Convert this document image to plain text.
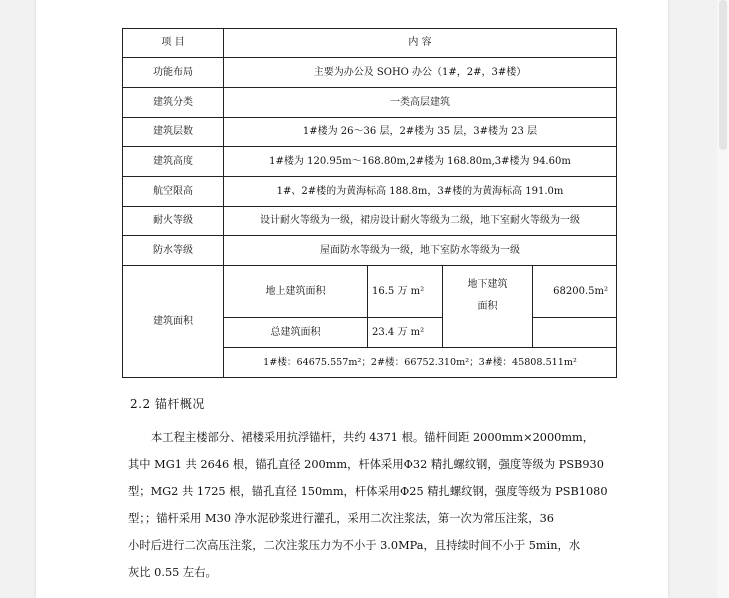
项 目	内 容			
功能布局	主要为办公及 SOHO 办公（1#，2#，3#楼）			
建筑分类	一类高层建筑			
建筑层数	1#楼为 26～36 层，2#楼为 35 层，3#楼为 23 层			
建筑高度	1#楼为 120.95m～168.80m,2#楼为 168.80m,3#楼为 94.60m			
航空限高	1#、2#楼的为黄海标高 188.8m，3#楼的为黄海标高 191.0m			
耐火等级	设计耐火等级为一级，裙房设计耐火等级为二级，地下室耐火等级为一级			
防水等级	屋面防水等级为一级，地下室防水等级为一级			
建筑面积	地上建筑面积	16.5 万 m²	地下建筑面积	68200.5m²
	总建筑面积	23.4 万 m²		
	1#楼：64675.557m²；2#楼：66752.310m²；3#楼：45808.511m²			
2.2 锚杆概况
本工程主楼部分、裙楼采用抗浮锚杆，共约 4371 根。锚杆间距 2000mm×2000mm，
其中 MG1 共 2646 根，锚孔直径 200mm，杆体采用Φ32 精扎螺纹钢，强度等级为 PSB930
型；MG2 共 1725 根，锚孔直径 150mm，杆体采用Φ25 精扎螺纹钢，强度等级为 PSB1080
型；；锚杆采用 M30 净水泥砂浆进行灌孔，采用二次注浆法，第一次为常压注浆，36
小时后进行二次高压注浆，二次注浆压力为不小于 3.0MPa，且持续时间不小于 5min，水
灰比 0.55 左右。
